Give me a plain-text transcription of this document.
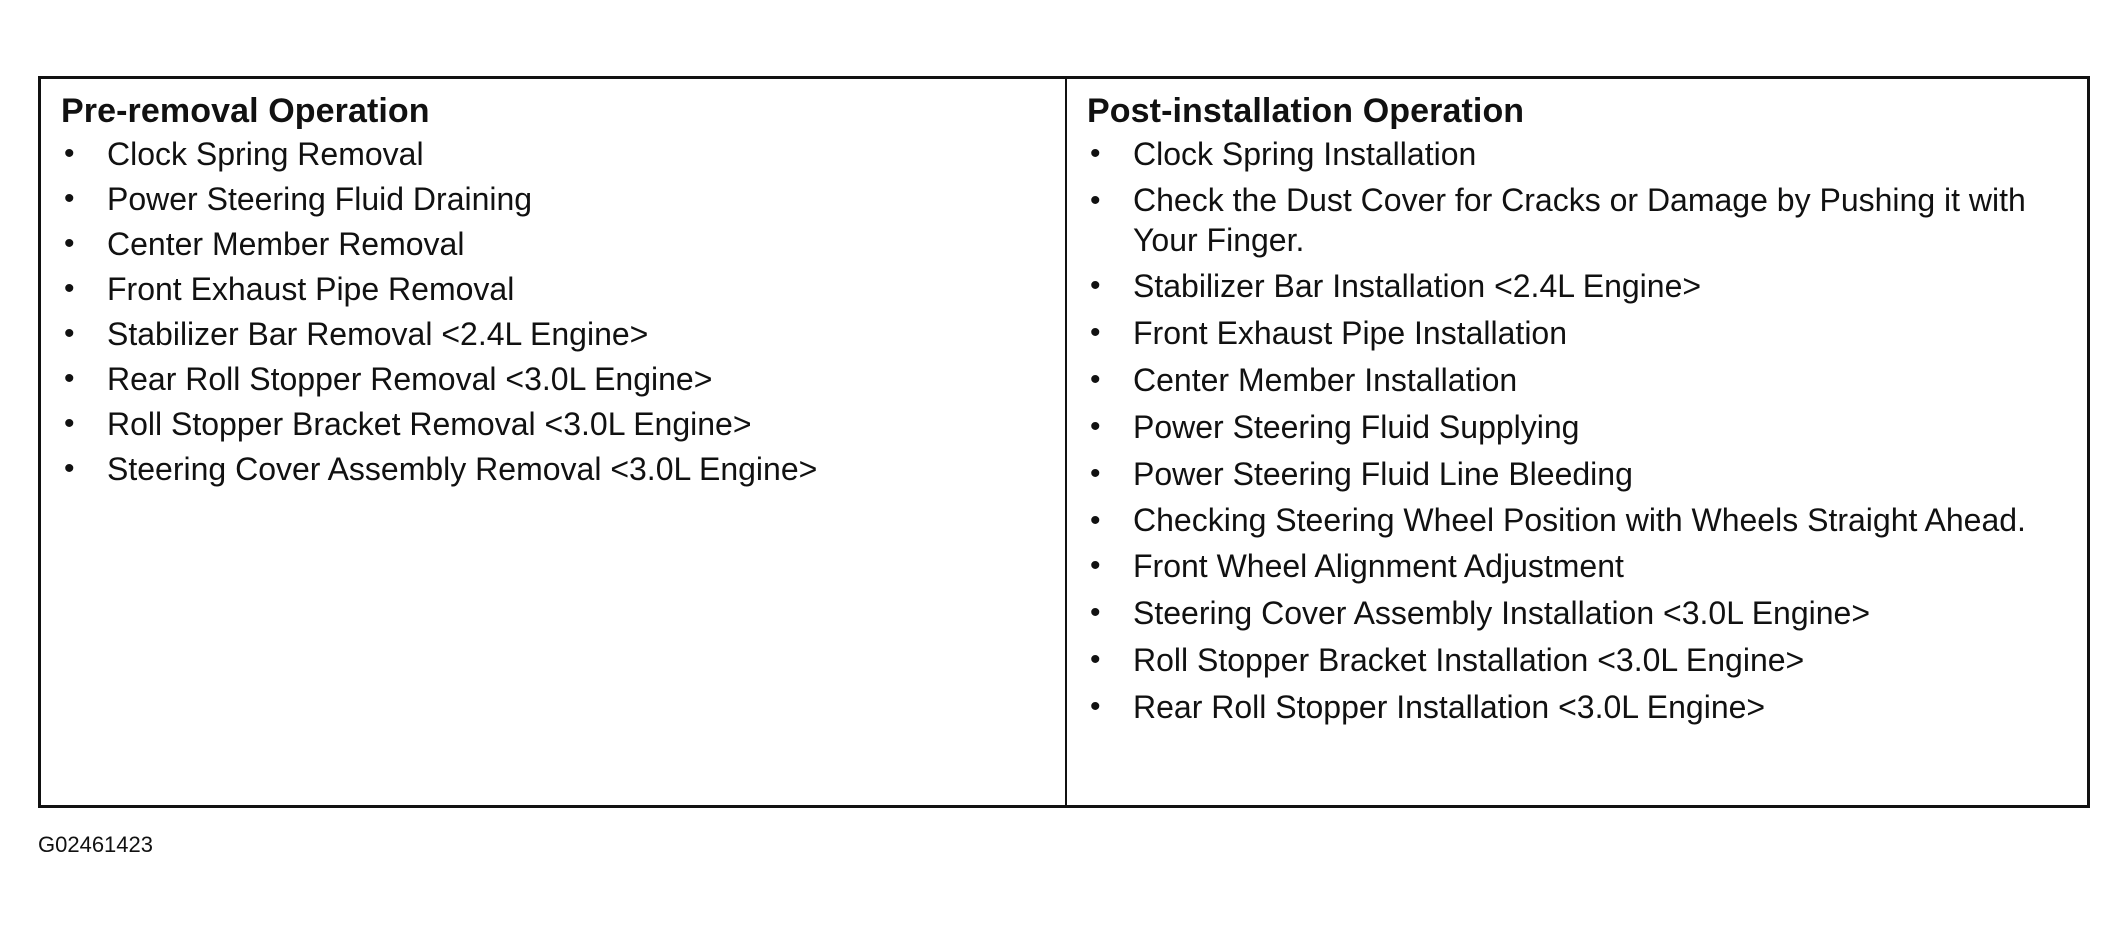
Pre-removal Operation
• Clock Spring Removal
• Power Steering Fluid Draining
• Center Member Removal
• Front Exhaust Pipe Removal
• Stabilizer Bar Removal <2.4L Engine>
• Rear Roll Stopper Removal <3.0L Engine>
• Roll Stopper Bracket Removal <3.0L Engine>
• Steering Cover Assembly Removal <3.0L Engine>
Post-installation Operation
• Clock Spring Installation
• Check the Dust Cover for Cracks or Damage by Pushing it with Your Finger.
• Stabilizer Bar Installation <2.4L Engine>
• Front Exhaust Pipe Installation
• Center Member Installation
• Power Steering Fluid Supplying
• Power Steering Fluid Line Bleeding
• Checking Steering Wheel Position with Wheels Straight Ahead.
• Front Wheel Alignment Adjustment
• Steering Cover Assembly Installation <3.0L Engine>
• Roll Stopper Bracket Installation <3.0L Engine>
• Rear Roll Stopper Installation <3.0L Engine>
G02461423
